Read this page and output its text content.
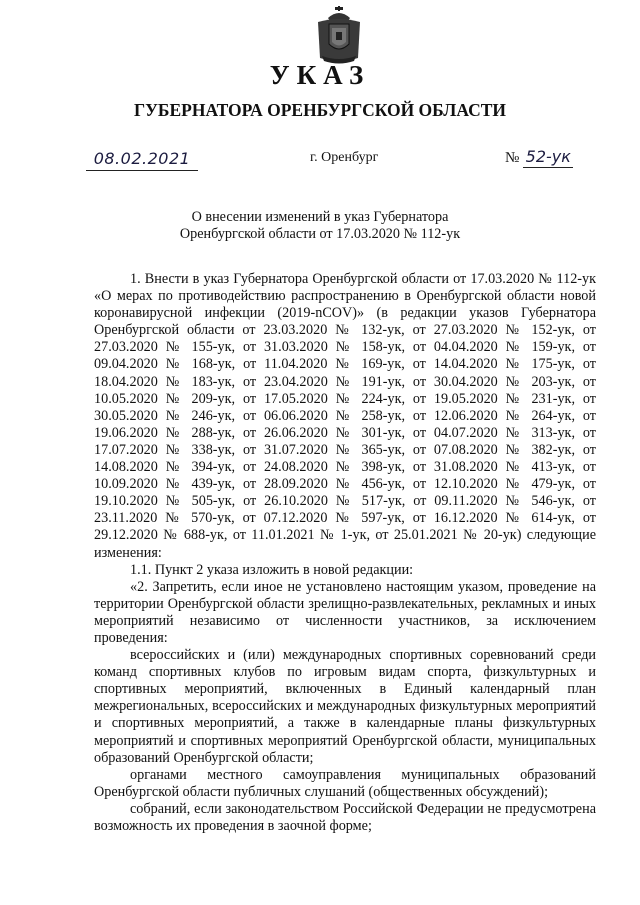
УКАЗ
ГУБЕРНАТОРА ОРЕНБУРГСКОЙ ОБЛАСТИ
08.02.2021	г. Оренбург	№ 52-ук
О внесении изменений в указ Губернатора
Оренбургской области от 17.03.2020 № 112-ук

1. Внести в указ Губернатора Оренбургской области от 17.03.2020 № 112-ук «О мерах по противодействию распространению в Оренбургской области новой коронавирусной инфекции (2019-nCOV)» (в редакции указов Губернатора Оренбургской области от 23.03.2020 № 132-ук, от 27.03.2020 № 152-ук, от 27.03.2020 № 155-ук, от 31.03.2020 № 158-ук, от 04.04.2020 № 159-ук, от 09.04.2020 № 168-ук, от 11.04.2020 № 169-ук, от 14.04.2020 № 175-ук, от 18.04.2020 № 183-ук, от 23.04.2020 № 191-ук, от 30.04.2020 № 203-ук, от 10.05.2020 № 209-ук, от 17.05.2020 № 224-ук, от 19.05.2020 № 231-ук, от 30.05.2020 № 246-ук, от 06.06.2020 № 258-ук, от 12.06.2020 № 264-ук, от 19.06.2020 № 288-ук, от 26.06.2020 № 301-ук, от 04.07.2020 № 313-ук, от 17.07.2020 № 338-ук, от 31.07.2020 № 365-ук, от 07.08.2020 № 382-ук, от 14.08.2020 № 394-ук, от 24.08.2020 № 398-ук, от 31.08.2020 № 413-ук, от 10.09.2020 № 439-ук, от 28.09.2020 № 456-ук, от 12.10.2020 № 479-ук, от 19.10.2020 № 505-ук, от 26.10.2020 № 517-ук, от 09.11.2020 № 546-ук, от 23.11.2020 № 570-ук, от 07.12.2020 № 597-ук, от 16.12.2020 № 614-ук, от 29.12.2020 № 688-ук, от 11.01.2021 № 1-ук, от 25.01.2021 № 20-ук) следующие изменения:

1.1. Пункт 2 указа изложить в новой редакции:

«2. Запретить, если иное не установлено настоящим указом, проведение на территории Оренбургской области зрелищно-развлекательных, рекламных и иных мероприятий независимо от численности участников, за исключением проведения:

всероссийских и (или) международных спортивных соревнований среди команд спортивных клубов по игровым видам спорта, физкультурных и спортивных мероприятий, включенных в Единый календарный план межрегиональных, всероссийских и международных физкультурных мероприятий и спортивных мероприятий, а также в календарные планы физкультурных мероприятий и спортивных мероприятий Оренбургской области, муниципальных образований Оренбургской области;

органами местного самоуправления муниципальных образований Оренбургской области публичных слушаний (общественных обсуждений);

собраний, если законодательством Российской Федерации не предусмотрена возможность их проведения в заочной форме;
